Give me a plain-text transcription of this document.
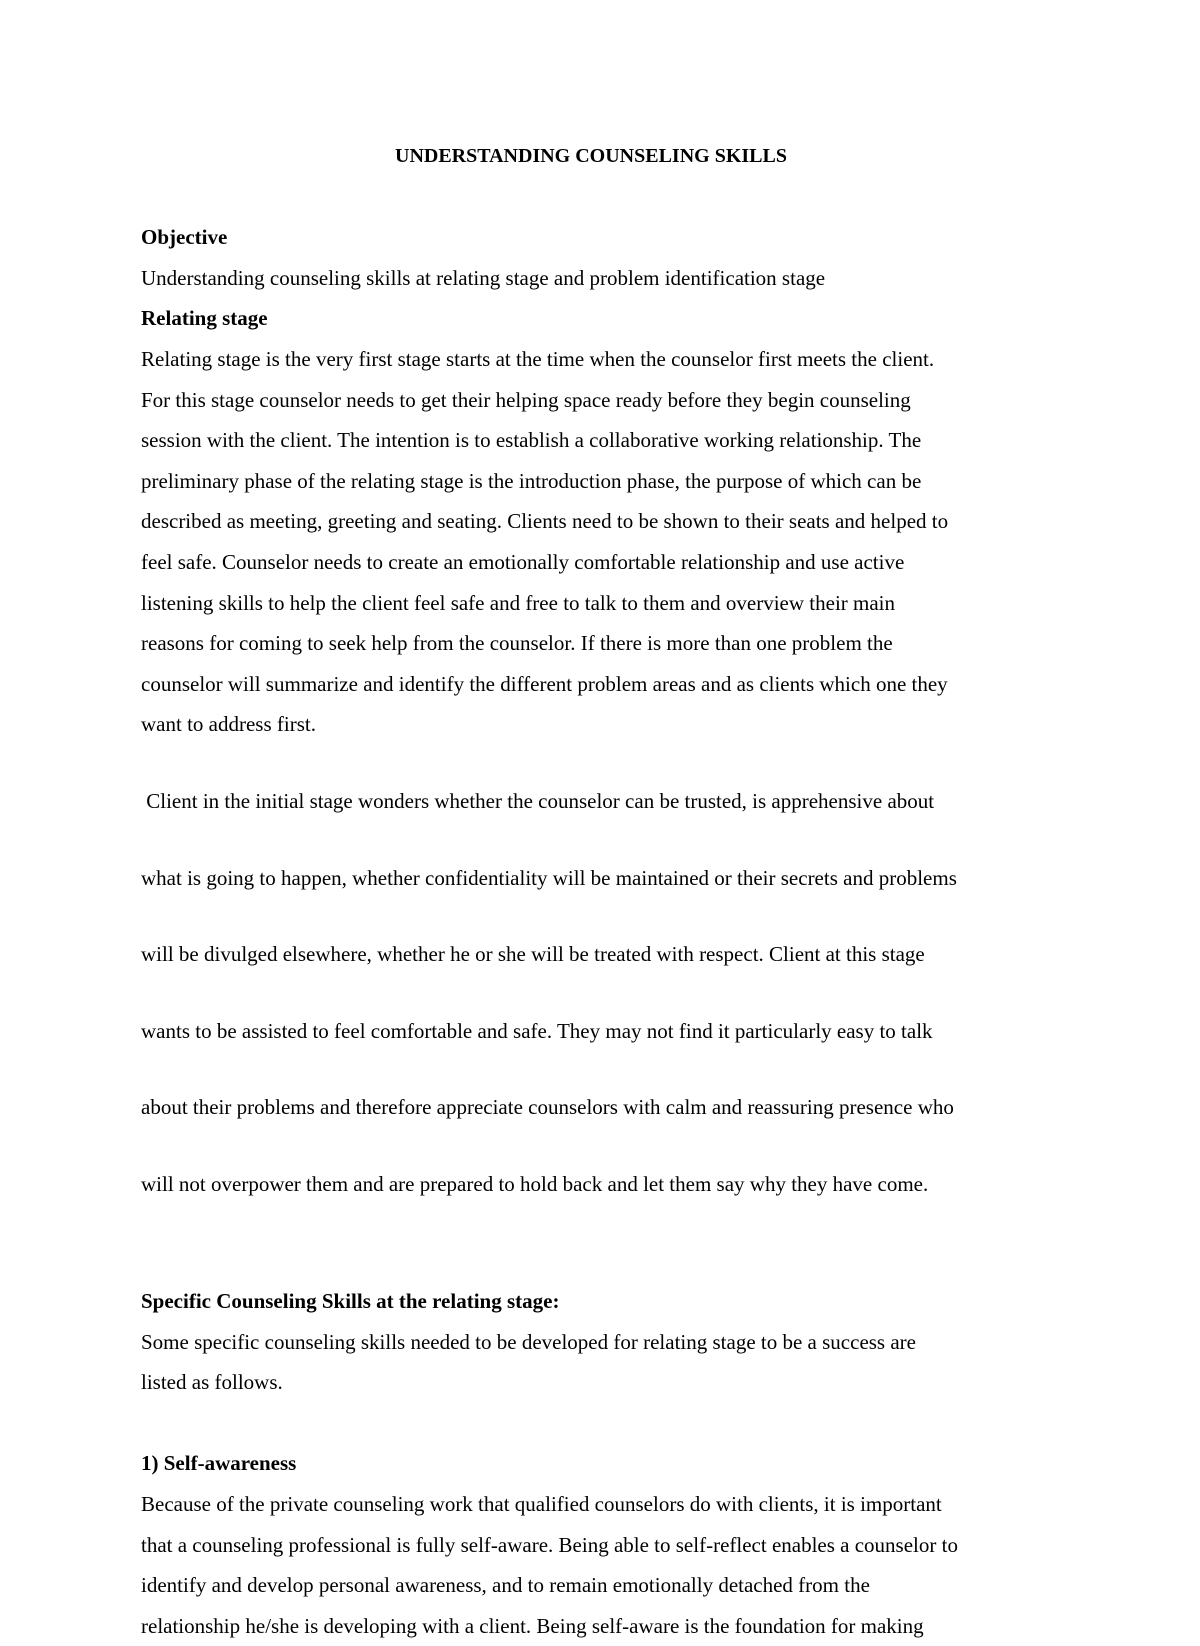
UNDERSTANDING COUNSELING SKILLS
Objective
Understanding counseling skills at relating stage and problem identification stage
Relating stage
Relating stage is the very first stage starts at the time when the counselor first meets the client.
For this stage counselor needs to get their helping space ready before they begin counseling
session with the client. The intention is to establish a collaborative working relationship. The
preliminary phase of the relating stage is the introduction phase, the purpose of which can be
described as meeting, greeting and seating. Clients need to be shown to their seats and helped to
feel safe. Counselor needs to create an emotionally comfortable relationship and use active
listening skills to help the client feel safe and free to talk to them and overview their main
reasons for coming to seek help from the counselor. If there is more than one problem the
counselor will summarize and identify the different problem areas and as clients which one they
want to address first.

Client in the initial stage wonders whether the counselor can be trusted, is apprehensive about

what is going to happen, whether confidentiality will be maintained or their secrets and problems

will be divulged elsewhere, whether he or she will be treated with respect. Client at this stage

wants to be assisted to feel comfortable and safe. They may not find it particularly easy to talk

about their problems and therefore appreciate counselors with calm and reassuring presence who

will not overpower them and are prepared to hold back and let them say why they have come.

Specific Counseling Skills at the relating stage:
Some specific counseling skills needed to be developed for relating stage to be a success are
listed as follows.
1) Self-awareness
Because of the private counseling work that qualified counselors do with clients, it is important
that a counseling professional is fully self-aware. Being able to self-reflect enables a counselor to
identify and develop personal awareness, and to remain emotionally detached from the
relationship he/she is developing with a client. Being self-aware is the foundation for making
